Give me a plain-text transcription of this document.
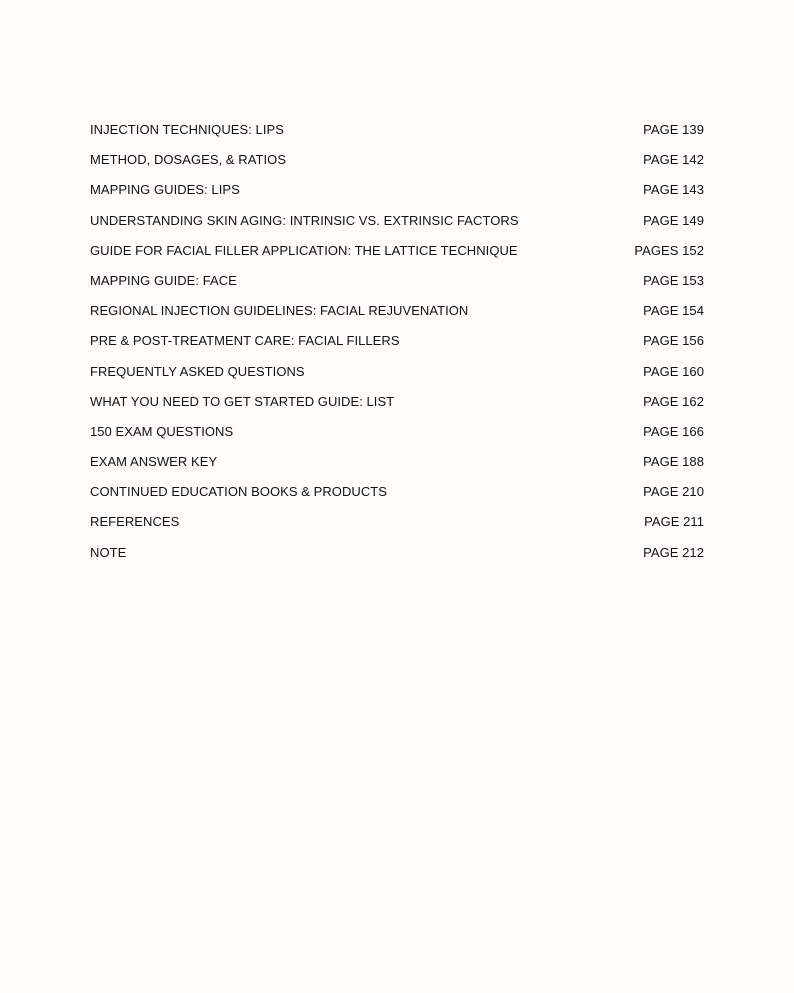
INJECTION TECHNIQUES: LIPS	PAGE 139
METHOD, DOSAGES, & RATIOS	PAGE 142
MAPPING GUIDES: LIPS	PAGE 143
UNDERSTANDING SKIN AGING: INTRINSIC VS. EXTRINSIC FACTORS	PAGE 149
GUIDE FOR FACIAL FILLER APPLICATION: THE LATTICE TECHNIQUE	PAGES 152
MAPPING GUIDE: FACE	PAGE 153
REGIONAL INJECTION GUIDELINES: FACIAL REJUVENATION	PAGE 154
PRE & POST-TREATMENT CARE: FACIAL FILLERS	PAGE 156
FREQUENTLY ASKED QUESTIONS	PAGE 160
WHAT YOU NEED TO GET STARTED GUIDE: LIST	PAGE 162
150 EXAM QUESTIONS	PAGE 166
EXAM ANSWER KEY	PAGE 188
CONTINUED EDUCATION BOOKS & PRODUCTS	PAGE 210
REFERENCES	PAGE 211
NOTE	PAGE 212
